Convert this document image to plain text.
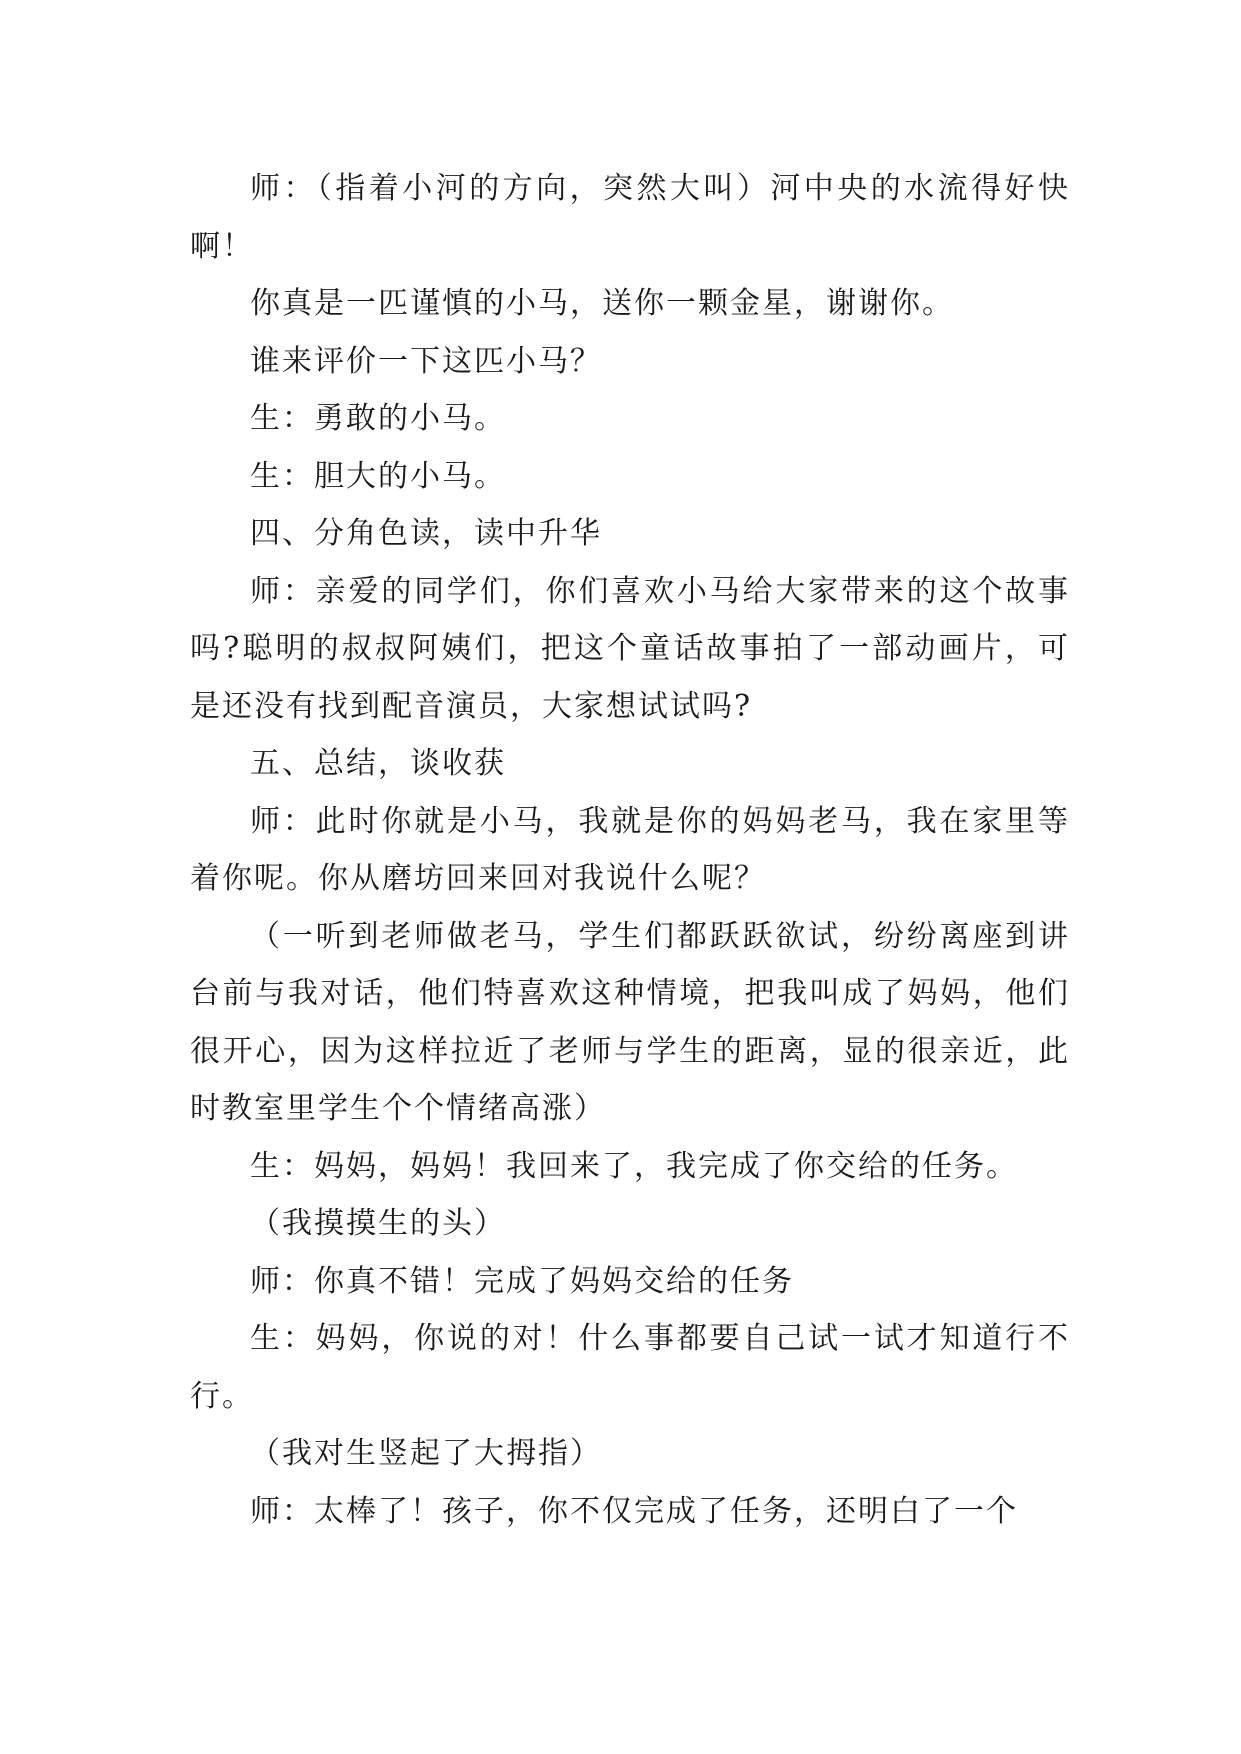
师：（指着小河的方向，突然大叫）河中央的水流得好快啊！

你真是一匹谨慎的小马，送你一颗金星，谢谢你。

谁来评价一下这匹小马？

生：勇敢的小马。

生：胆大的小马。

四、分角色读，读中升华

师：亲爱的同学们，你们喜欢小马给大家带来的这个故事吗?聪明的叔叔阿姨们，把这个童话故事拍了一部动画片，可是还没有找到配音演员，大家想试试吗?

五、总结，谈收获

师：此时你就是小马，我就是你的妈妈老马，我在家里等着你呢。你从磨坊回来回对我说什么呢？

（一听到老师做老马，学生们都跃跃欲试，纷纷离座到讲台前与我对话，他们特喜欢这种情境，把我叫成了妈妈，他们很开心，因为这样拉近了老师与学生的距离，显的很亲近，此时教室里学生个个情绪高涨）

生：妈妈，妈妈！我回来了，我完成了你交给的任务。

（我摸摸生的头）

师：你真不错！完成了妈妈交给的任务

生：妈妈，你说的对！什么事都要自己试一试才知道行不行。

（我对生竖起了大拇指）

师：太棒了！孩子，你不仅完成了任务，还明白了一个
